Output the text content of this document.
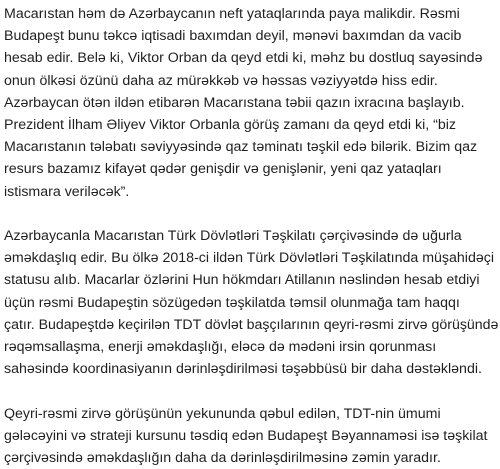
Macarıstan həm də Azərbaycanın neft yataqlarında paya malikdir. Rəsmi
Budapeşt bunu təkcə iqtisadi baxımdan deyil, mənəvi baxımdan da vacib
hesab edir. Belə ki, Viktor Orban da qeyd etdi ki, məhz bu dostluq sayəsində
onun ölkəsi özünü daha az mürəkkəb və həssas vəziyyətdə hiss edir.
Azərbaycan ötən ildən etibarən Macarıstana təbii qazın ixracına başlayıb.
Prezident İlham Əliyev Viktor Orbanla görüş zamanı da qeyd etdi ki, “biz
Macarıstanın tələbatı səviyyəsində qaz təminatı təşkil edə bilərik. Bizim qaz
resurs bazamız kifayət qədər genişdir və genişlənir, yeni qaz yataqları
istismara veriləcək”.

Azərbaycanla Macarıstan Türk Dövlətləri Təşkilatı çərçivəsində də uğurla
əməkdaşlıq edir. Bu ölkə 2018-ci ildən Türk Dövlətləri Təşkilatında müşahidəçi
statusu alıb. Macarlar özlərini Hun hökmdarı Atillanın nəslindən hesab etdiyi
üçün rəsmi Budapeştin sözügedən təşkilatda təmsil olunmağa tam haqqı
çatır. Budapeştdə keçirilən TDT dövlət başçılarının qeyri-rəsmi zirvə görüşündə
rəqəmsallaşma, enerji əməkdaşlığı, eləcə də mədəni irsin qorunması
sahəsində koordinasiyanın dərinləşdirilməsi təşəbbüsü bir daha dəstəkləndi.

Qeyri-rəsmi zirvə görüşünün yekununda qəbul edilən, TDT-nin ümumi
gələcəyini və strateji kursunu təsdiq edən Budapeşt Bəyannaməsi isə təşkilat
çərçivəsində əməkdaşlığın daha da dərinləşdirilməsinə zəmin yaradır.
